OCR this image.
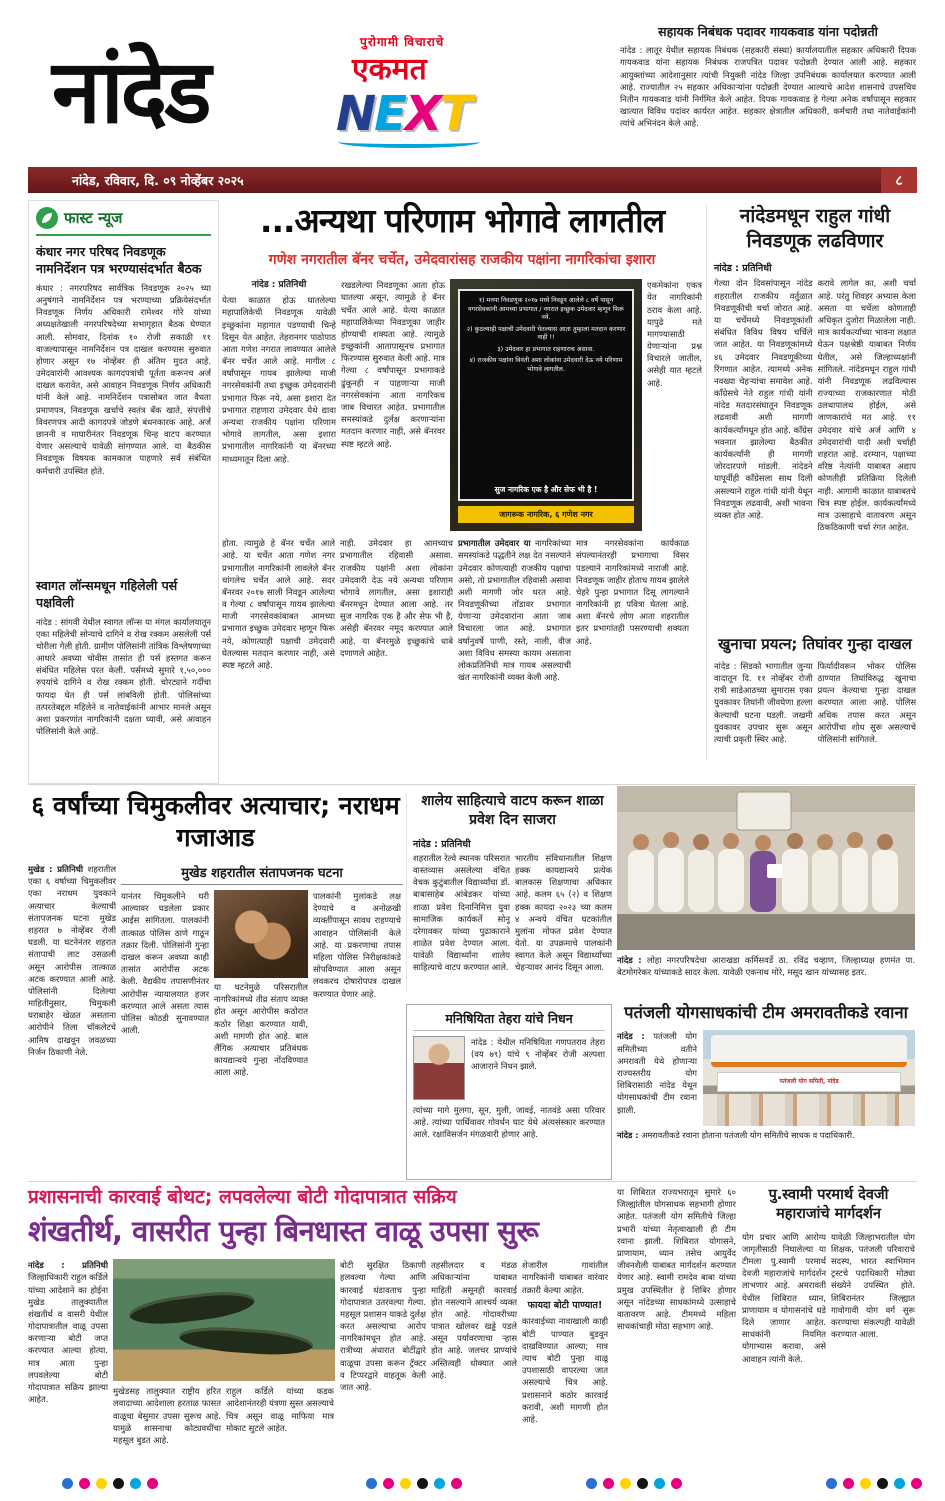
नांदेड	पुरोगामी विचाराचे
एकमत
NEXT
सहायक निबंधक पदावर गायकवाड यांना पदोन्नती

नांदेड : लातूर येथील सहायक निबंधक (सहकारी संस्था) कार्यालयातील सहकार अधिकारी दिपक गायकवाड यांना सहायक निबंधक राजपत्रित पदावर पदोन्नती देण्यात आली आहे. सहकार आयुक्तांच्या आदेशानुसार त्यांची नियुक्ती नांदेड जिल्हा उपनिबंधक कार्यालयात करण्यात आली आहे. राज्यातील २५ सहकार अधिकाऱ्यांना पदोन्नती देण्यात आल्याचे आदेश शासनाचे उपसचिव नितीन गायकवाड यांनी निर्गमित केले आहेत. दिपक गायकवाड हे गेल्या अनेक वर्षांपासून सहकार खात्यात विविध पदांवर कार्यरत आहेत. सहकार क्षेत्रातील अधिकारी, कर्मचारी तथा नातेवाईकांनी त्यांचे अभिनंदन केले आहे.

नांदेड, रविवार, दि. ०९ नोव्हेंबर २०२५	८
फास्ट न्यूज
कंधार नगर परिषद निवडणूक नामनिर्देशन पत्र भरण्यासंदर्भात बैठक

कंधार : नगरपरिषद सार्वत्रिक निवडणूक २०२५ च्या अनुषंगाने नामनिर्देशन पत्र भरण्याच्या प्रक्रियेसंदर्भात निवडणूक निर्णय अधिकारी रामेश्वर गोरे यांच्या अध्यक्षतेखाली नगरपरिषदेच्या सभागृहात बैठक घेण्यात आली. सोमवार, दिनांक १० रोजी सकाळी ११ वाजल्यापासून नामनिर्देशन पत्र दाखल करण्यास सुरुवात होणार असून १७ नोव्हेंबर ही अंतिम मुदत आहे. उमेदवारांनी आवश्यक कागदपत्रांची पूर्तता करूनच अर्ज दाखल करावेत, असे आवाहन निवडणूक निर्णय अधिकारी यांनी केले आहे. नामनिर्देशन पत्रासोबत जात वैधता प्रमाणपत्र, निवडणूक खर्चाचे स्वतंत्र बँक खाते, संपत्तीचे विवरणपत्र आदी कागदपत्रे जोडणे बंधनकारक आहे. अर्ज छाननी व माघारीनंतर निवडणूक चिन्ह वाटप करण्यात येणार असल्याचे यावेळी सांगण्यात आले. या बैठकीस निवडणूक विषयक कामकाज पाहणारे सर्व संबंधित कर्मचारी उपस्थित होते.

स्वागत लॉन्समधून गहिलेली पर्स पक्षविली

नांदेड : सांगवी येथील स्वागत लॉन्स या मंगल कार्यालयातून एका महिलेची सोन्याचे दागिने व रोख रक्कम असलेली पर्स चोरीला गेली होती. ग्रामीण पोलिसांनी तांत्रिक विश्लेषणाच्या आधारे अवघ्या चोवीस तासांत ही पर्स हस्तगत करून संबंधित महिलेस परत केली. पर्समध्ये सुमारे १,५०,००० रुपयांचे दागिने व रोख रक्कम होती. चोरट्याने गर्दीचा फायदा घेत ही पर्स लांबविली होती. पोलिसांच्या तत्परतेबद्दल महिलेने व नातेवाईकांनी आभार मानले असून अशा प्रकरणांत नागरिकांनी दक्षता घ्यावी, असे आवाहन पोलिसांनी केले आहे.

...अन्यथा परिणाम भोगावे लागतील
गणेश नगरातील बॅनर चर्चेत, उमेदवारांसह राजकीय पक्षांना नागरिकांचा इशारा
नांदेड : प्रतिनिधी
येत्या काळात होऊ घातलेल्या महापालिकेची निवडणूक यावेळी इच्छुकांना महागात पडण्याची चिन्हे दिसून येत आहेत. तेहरानगर पाठोपाठ आता गणेश नगरात लावण्यात आलेले बॅनर चर्चेत आले आहे. मागील ८ वर्षांपासून गायब झालेल्या माजी नगरसेवकांनी तथा इच्छुक उमेदवारांनी प्रभागात फिरू नये, असा इशारा देत प्रभागात राहणारा उमेदवार येथे द्यावा अन्यथा राजकीय पक्षांना परिणाम भोगावे लागतील, असा इशारा प्रभागातील नागरिकांनी या बॅनरच्या माध्यमातून दिला आहे.
रखडलेल्या निवडणूका आता होऊ घातल्या असून, त्यामुळे हे बॅनर चर्चेत आले आहे. येत्या काळात महापालिकेच्या निवडणूका जाहीर होण्याची शक्यता आहे. त्यामुळे इच्छुकांनी आतापासूनच प्रभागात फिरण्यास सुरुवात केली आहे. मात्र गेल्या ८ वर्षांपासून प्रभागाकडे ढुंकूनही न पाहणाऱ्या माजी नगरसेवकांना आता नागरिकच जाब विचारत आहेत. प्रभागातील समस्यांकडे दुर्लक्ष करणाऱ्यांना मतदान करणार नाही, असे बॅनरवर स्पष्ट म्हटले आहे.
१) मनपा निवडणूक २०१७ मध्ये निवडून आलेले ८ वर्षे पासून नगरसेवकांनी आमच्या प्रभागात / नगरात इच्छुक उमेदवार म्हणून फिरू नये.
२) कुठल्याही पक्षाची उमेदवारी घेतल्यास आता तुम्हाला मतदान करणार नाही !!
३) उमेदवार हा प्रभागात राहणाराच असावा.
४) राजकीय पक्षांना विनंती अशा लोकांना उमेदवारी देऊ नये परिणाम भोगावे लागतील.
सुज नागरिक एक है और सेफ भी है !
जागरूक नागरिक, ६ गणेश नगर
एकमेकांना एकत्र येत नागरिकांनी ठराव केला आहे. यापुढे मते मागण्यासाठी येणाऱ्यांना प्रश्न विचारले जातील, असेही यात म्हटले आहे.
होता. त्यामुळे हे बॅनर चर्चेत आले आहे. या चर्चेत आता गणेश नगर प्रभागातील नागरिकांनी लावलेले बॅनर चांगलेच चर्चेत आले आहे. सदर बॅनरवर २०१७ साली निवडून आलेल्या व गेल्या ८ वर्षांपासून गायब झालेल्या माजी नगरसेवकांबाबत आमच्या प्रभागात इच्छुक उमेदवार म्हणून फिरू नये, कोणत्याही पक्षाची उमेदवारी घेतल्यास मतदान करणार नाही, असे स्पष्ट म्हटले आहे.
नाही. उमेदवार हा आमच्याच प्रभागातील रहिवासी असावा. राजकीय पक्षांनी अशा लोकांना उमेदवारी देऊ नये अन्यथा परिणाम भोगावे लागतील, असा इशाराही बॅनरमधून देण्यात आला आहे. तर सुज नागरिक एक है और सेफ भी है, असेही बॅनरवर नमूद करण्यात आले आहे. या बॅनरमुळे इच्छुकांचे धाबे दणाणले आहेत.
प्रभागातील उमेदवार या नागरिकांच्या समस्यांकडे पद्धतीने लक्ष देत नसल्याने उमेदवार कोणत्याही राजकीय पक्षाचा असो, तो प्रभागातील रहिवासी असावा अशी मागणी जोर धरत आहे. निवडणूकीच्या तोंडावर प्रभागात येणाऱ्या उमेदवारांना आता जाब विचारला जात आहे. प्रभागात वर्षानुवर्षे पाणी, रस्ते, नाली, वीज अशा विविध समस्या कायम असताना लोकप्रतिनिधी मात्र गायब असल्याची खंत नागरिकांनी व्यक्त केली आहे.
मात्र नगरसेवकांना कार्यकाळ संपल्यानंतरही प्रभागाचा विसर पडल्याने नागरिकांमध्ये नाराजी आहे. निवडणूक जाहीर होताच गायब झालेले चेहरे पुन्हा प्रभागात दिसू लागल्याने नागरिकांनी हा पवित्रा घेतला आहे. अशा बॅनरचे लोण आता शहरातील इतर प्रभागांतही पसरण्याची शक्यता आहे.
नांदेडमधून राहुल गांधी निवडणूक लढविणार
नांदेड : प्रतिनिधी
गेल्या दोन दिवसांपासून नांदेड शहरातील राजकीय वर्तुळात निवडणूकीची चर्चा जोरात आहे. या चर्चेमध्ये निवडणूकांशी संबंधित विविध विषय चर्चिले जात आहेत. या निवडणूकांमध्ये ४६ उमेदवार निवडणूकीच्या रिंगणात आहेत. त्यामध्ये अनेक नवख्या चेहऱ्यांचा समावेश आहे. काँग्रेसचे नेते राहुल गांधी यांनी नांदेड मतदारसंघातून निवडणूक लढवावी अशी मागणी कार्यकर्त्यांमधून होत आहे. काँग्रेस भवनात झालेल्या बैठकीत कार्यकर्त्यांनी ही मागणी जोरदारपणे मांडली. नांदेडने यापूर्वीही काँग्रेसला साथ दिली असल्याने राहुल गांधी यांनी येथून निवडणूक लढवावी, अशी भावना व्यक्त होत आहे.
करावे लागेल का, अशी चर्चा आहे. परंतु शिवहर अभ्यास केला असता या चर्चेला कोणताही अधिकृत दुजोरा मिळालेला नाही. मात्र कार्यकर्त्यांच्या भावना लक्षात घेऊन पक्षश्रेष्ठी याबाबत निर्णय घेतील, असे जिल्हाध्यक्षांनी सांगितले. नांदेडमधून राहुल गांधी यांनी निवडणूक लढविल्यास राज्याच्या राजकारणात मोठी उलथापालथ होईल, असे जाणकारांचे मत आहे. ११ उमेदवार यांचे अर्ज आणि ४ उमेदवारांची यादी अशी चर्चाही शहरात आहे. दरम्यान, पक्षाच्या वरिष्ठ नेत्यांनी याबाबत अद्याप कोणतीही प्रतिक्रिया दिलेली नाही. आगामी काळात याबाबतचे चित्र स्पष्ट होईल. कार्यकर्त्यांमध्ये मात्र उत्साहाचे वातावरण असून ठिकठिकाणी चर्चा रंगत आहेत.
खुनाचा प्रयत्न; तिघांवर गुन्हा दाखल
नांदेड : सिडको भागातील जुन्या वादातून दि. ११ नोव्हेंबर रोजी रात्री साडेआठच्या सुमारास एका युवकावर तिघांनी जीवघेणा हल्ला केल्याची घटना घडली. जखमी युवकावर उपचार सुरू असून त्याची प्रकृती स्थिर आहे.
फिर्यादीवरून भोकर पोलिस ठाण्यात तिघांविरुद्ध खुनाचा प्रयत्न केल्याचा गुन्हा दाखल करण्यात आला आहे. पोलिस अधिक तपास करत असून आरोपींचा शोध सुरू असल्याचे पोलिसांनी सांगितले.
६ वर्षांच्या चिमुकलीवर अत्याचार; नराधम गजाआड
मुखेड : प्रतिनिधी शहरातील एका ६ वर्षाच्या चिमुकलीवर एका नराधम युवकाने अत्याचार केल्याची संतापजनक घटना मुखेड शहरात ७ नोव्हेंबर रोजी घडली. या घटनेनंतर शहरात संतापाची लाट उसळली असून आरोपीस तात्काळ अटक करण्यात आली आहे. पोलिसांनी दिलेल्या माहितीनुसार, चिमुकली घराबाहेर खेळत असताना आरोपीने तिला चॉकलेटचे आमिष दाखवून जवळच्या निर्जन ठिकाणी नेले.
मुखेड शहरातील संतापजनक घटना
यानंतर चिमुकलीने घरी आल्यावर घडलेला प्रकार आईस सांगितला. पालकांनी तात्काळ पोलिस ठाणे गाठून तक्रार दिली. पोलिसांनी गुन्हा दाखल करून अवघ्या काही तासांत आरोपीस अटक केली. वैद्यकीय तपासणीनंतर आरोपीस न्यायालयात हजर करण्यात आले असता त्यास पोलिस कोठडी सुनावण्यात आली.
या घटनेमुळे परिसरातील नागरिकांमध्ये तीव्र संताप व्यक्त होत असून आरोपीस कठोरात कठोर शिक्षा करण्यात यावी, अशी मागणी होत आहे. बाल लैंगिक अत्याचार प्रतिबंधक कायद्यान्वये गुन्हा नोंदविण्यात आला आहे.
पालकांनी मुलांकडे लक्ष देण्याचे व अनोळखी व्यक्तींपासून सावध राहण्याचे आवाहन पोलिसांनी केले आहे. या प्रकरणाचा तपास महिला पोलिस निरीक्षकांकडे सोपविण्यात आला असून लवकरच दोषारोपपत्र दाखल करण्यात येणार आहे.
शालेय साहित्याचे वाटप करून शाळा प्रवेश दिन साजरा
नांदेड : प्रतिनिधी
शहरातील रेल्वे स्थानक परिसरात वास्तव्यास असलेल्या वंचित वेचक कुटुंबातील विद्यार्थ्यांचा डॉ. बाबासाहेब आंबेडकर यांच्या शाळा प्रवेश दिनानिमित्त युवा सामाजिक कार्यकर्ते सोनू दरेगावकर यांच्या पुढाकाराने शाळेत प्रवेश देण्यात आला. यावेळी विद्यार्थ्यांना शालेय साहित्याचे वाटप करण्यात आले.
भारतीय संविधानातील शिक्षण हक्क कायद्यान्वये प्रत्येक बालकास शिक्षणाचा अधिकार आहे. कलम ६५ (२) व शिक्षण हक्क कायदा २०२३ च्या कलम ४ अन्वये वंचित घटकांतील मुलांना मोफत प्रवेश देण्यात येतो. या उपक्रमाचे पालकांनी स्वागत केले असून विद्यार्थ्यांच्या चेहऱ्यावर आनंद दिसून आला.
मनिषियिता तेहरा यांचे निधन

नांदेड : येथील मनिषियिता गणपतराव तेहरा (वय ७९) यांचे ९ नोव्हेंबर रोजी अल्पशा आजाराने निधन झाले.

त्यांच्या मागे मुलगा, सून, मुली, जावई, नातवंडे असा परिवार आहे. त्यांच्या पार्थिवावर गोवर्धन घाट येथे अंत्यसंस्कार करण्यात आले. रक्षाविसर्जन मंगळवारी होणार आहे.

नांदेड : लोहा नगरपरिषदेचा आराखडा कर्मिसवर्डे ठा. रविंद्र चव्हाण, जिल्हाध्यक्ष हणमंत पा. बेटमोगरेकर यांच्याकडे सादर केला. यावेळी एकनाथ मोरे, मसूद खान यांच्यासह इतर.

पतंजली योगसाधकांची टीम अमरावतीकडे रवाना
नांदेड : पतंजली योग समितीच्या वतीने अमरावती येथे होणाऱ्या राज्यस्तरीय योग शिबिरासाठी नांदेड येथून योगसाधकांची टीम रवाना झाली.
पतंजली योग समिती, नांदेड

नांदेड : अमरावतीकडे रवाना होताना पतंजली योग समितीचे साधक व पदाधिकारी.

या शिबिरात राज्यभरातून सुमारे ६० जिल्ह्यांतील योगसाधक सहभागी होणार आहेत. पतंजली योग समितीचे जिल्हा प्रभारी यांच्या नेतृत्वाखाली ही टीम रवाना झाली. शिबिरात योगासने, प्राणायाम, ध्यान तसेच आयुर्वेद जीवनशैली याबाबत मार्गदर्शन करण्यात येणार आहे. स्वामी रामदेव बाबा यांच्या प्रमुख उपस्थितीत हे शिबिर होणार असून नांदेडच्या साधकांमध्ये उत्साहाचे वातावरण आहे. टीममध्ये महिला साधकांचाही मोठा सहभाग आहे.
पु.स्वामी परमार्थ देवजी महाराजांचे मार्गदर्शन
योग प्रचार आणि आरोग्य जागृतीसाठी निघालेल्या या टीमला पु.स्वामी परमार्थ देवजी महाराजांचे मार्गदर्शन लाभणार आहे. अमरावती येथील शिबिरात ध्यान, प्राणायाम व योगासनांचे धडे दिले जाणार आहेत. साधकांनी नियमित योगाभ्यास करावा, असे आवाहन त्यांनी केले.
यावेळी जिल्हाभरातील योग शिक्षक, पतंजली परिवाराचे सदस्य, भारत स्वाभिमान ट्रस्टचे पदाधिकारी मोठ्या संख्येने उपस्थित होते. शिबिरानंतर जिल्ह्यात गावोगावी योग वर्ग सुरू करण्याचा संकल्पही यावेळी करण्यात आला.
प्रशासनाची कारवाई बोथट; लपवलेल्या बोटी गोदापात्रात सक्रिय
शंखतीर्थ, वासरीत पुन्हा बिनधास्त वाळू उपसा सुरू
नांदेड : प्रतिनिधी जिल्हाधिकारी राहुल कर्डिले यांच्या आदेशाने का होईना मुखेड तालुक्यातील शंखतीर्थ व वासरी येथील गोदापात्रातील वाळू उपसा करणाऱ्या बोटी जप्त करण्यात आल्या होत्या. मात्र आता पुन्हा लपवलेल्या बोटी गोदापात्रात सक्रिय झाल्या आहेत.
मुखेडसह तालुक्यात राष्ट्रीय हरित लवादाच्या आदेशाला हरताळ फासत वाळूचा बेसुमार उपसा सुरूच आहे. यामुळे शासनाचा कोट्यवधींचा महसूल बुडत आहे.
राहुल कर्डिले यांच्या कडक आदेशानंतरही यंत्रणा सुस्त असल्याचे चित्र असून वाळू माफिया मात्र मोकाट सुटले आहेत.
बोटी सुरक्षित ठिकाणी हलवल्या गेल्या आणि कारवाई थंडावताच पुन्हा गोदापात्रात उतरवल्या गेल्या. महसूल प्रशासन याकडे दुर्लक्ष करत असल्याचा आरोप नागरिकांमधून होत आहे. रात्रीच्या अंधारात बोटींद्वारे वाळूचा उपसा करून ट्रॅक्टर व टिप्परद्वारे वाहतूक केली जात आहे.
तहसीलदार व मंडळ अधिकाऱ्यांना याबाबत माहिती असूनही कारवाई होत नसल्याने आश्चर्य व्यक्त होत आहे. गोदावरीच्या पात्रात खोलवर खड्डे पडले असून पर्यावरणाचा ऱ्हास होत आहे. जलचर प्राण्यांचे अस्तित्वही धोक्यात आले आहे.
शेजारील गावांतील नागरिकांनी याबाबत वारंवार तक्रारी केल्या आहेत.
फायदा बोटी पाण्यात!
कारवाईच्या नावाखाली काही बोटी पाण्यात बुडवून दाखविण्यात आल्या; मात्र त्याच बोटी पुन्हा वाळू उपशासाठी वापरल्या जात असल्याचे चित्र आहे. प्रशासनाने कठोर कारवाई करावी, अशी मागणी होत आहे.
